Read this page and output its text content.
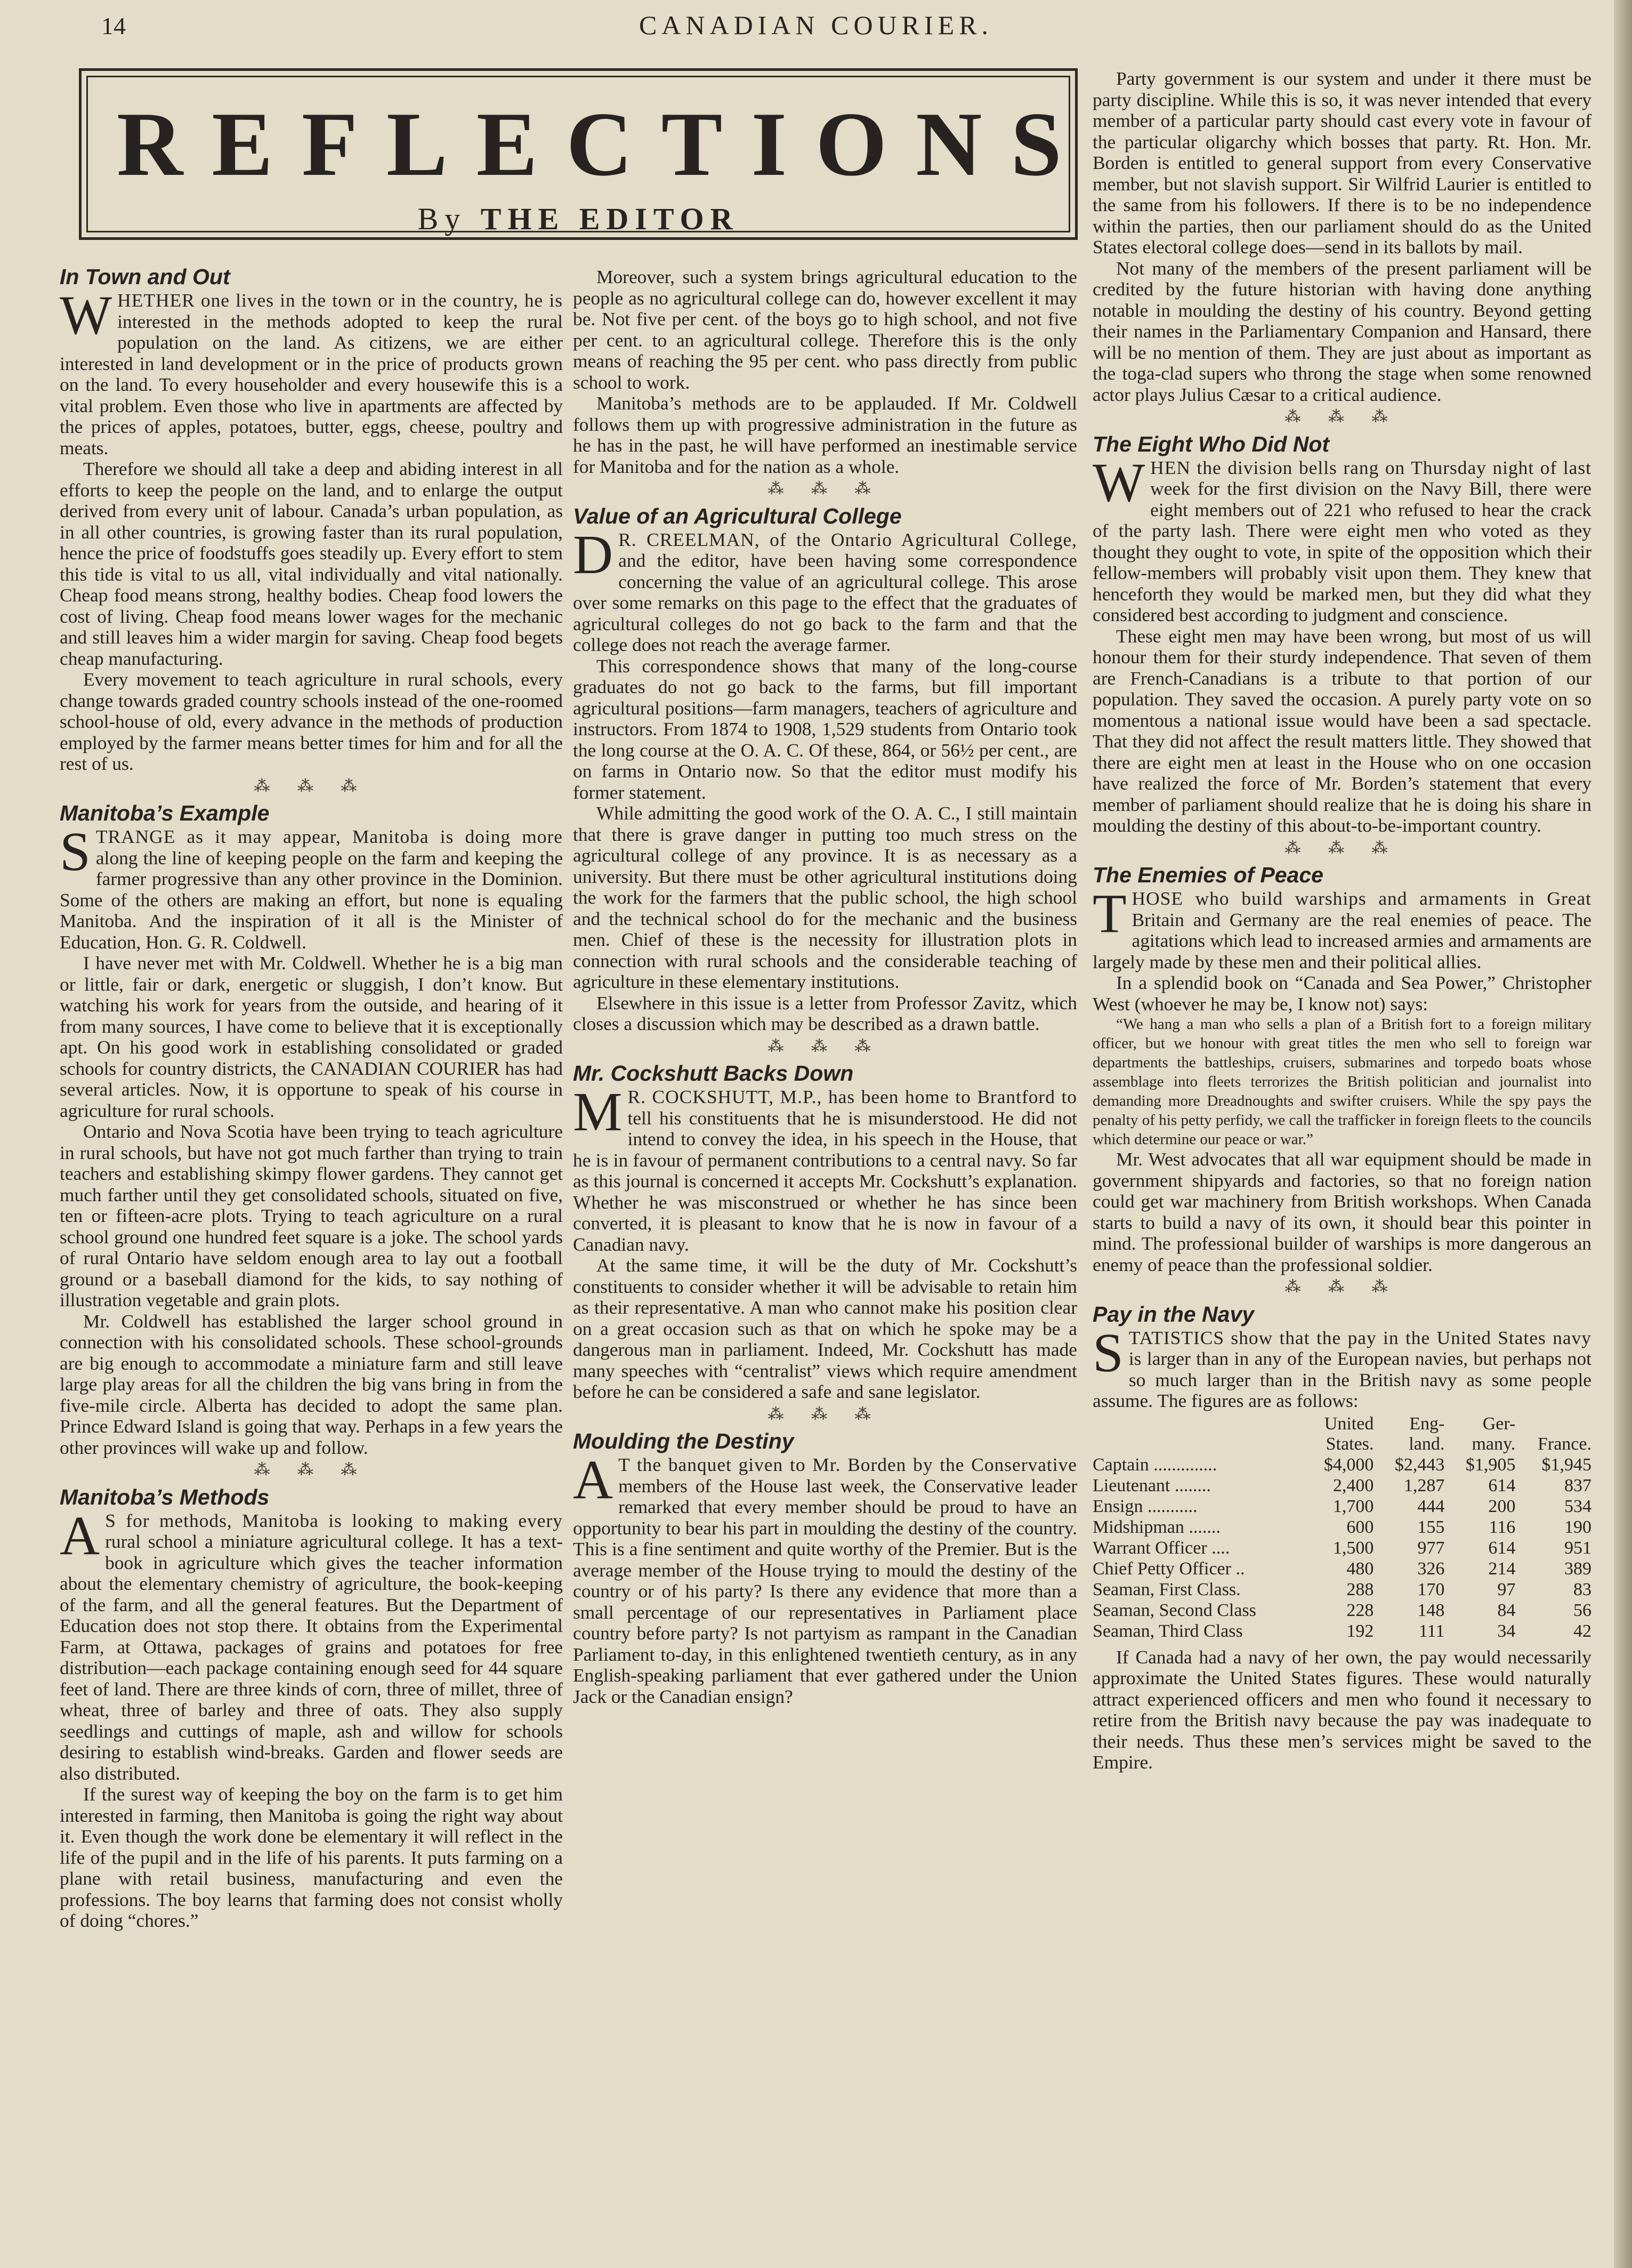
14	CANADIAN COURIER.
REFLECTIONS
By THE EDITOR
In Town and Out

WHETHER one lives in the town or in the country, he is interested in the methods adopted to keep the rural population on the land. As citizens, we are either interested in land development or in the price of products grown on the land. To every householder and every housewife this is a vital problem. Even those who live in apartments are affected by the prices of apples, potatoes, butter, eggs, cheese, poultry and meats.

Therefore we should all take a deep and abiding interest in all efforts to keep the people on the land, and to enlarge the output derived from every unit of labour. Canada’s urban population, as in all other countries, is growing faster than its rural population, hence the price of foodstuffs goes steadily up. Every effort to stem this tide is vital to us all, vital individually and vital nationally. Cheap food means strong, healthy bodies. Cheap food lowers the cost of living. Cheap food means lower wages for the mechanic and still leaves him a wider margin for saving. Cheap food begets cheap manufacturing.

Every movement to teach agriculture in rural schools, every change towards graded country schools instead of the one-roomed school-house of old, every advance in the methods of production employed by the farmer means better times for him and for all the rest of us.

⁂ ⁂ ⁂
Manitoba’s Example

STRANGE as it may appear, Manitoba is doing more along the line of keeping people on the farm and keeping the farmer progressive than any other province in the Dominion. Some of the others are making an effort, but none is equaling Manitoba. And the inspiration of it all is the Minister of Education, Hon. G. R. Coldwell.

I have never met with Mr. Coldwell. Whether he is a big man or little, fair or dark, energetic or sluggish, I don’t know. But watching his work for years from the outside, and hearing of it from many sources, I have come to believe that it is exceptionally apt. On his good work in establishing consolidated or graded schools for country districts, the CANADIAN COURIER has had several articles. Now, it is opportune to speak of his course in agriculture for rural schools.

Ontario and Nova Scotia have been trying to teach agriculture in rural schools, but have not got much farther than trying to train teachers and establishing skimpy flower gardens. They cannot get much farther until they get consolidated schools, situated on five, ten or fifteen-acre plots. Trying to teach agriculture on a rural school ground one hundred feet square is a joke. The school yards of rural Ontario have seldom enough area to lay out a football ground or a baseball diamond for the kids, to say nothing of illustration vegetable and grain plots.

Mr. Coldwell has established the larger school ground in connection with his consolidated schools. These school-grounds are big enough to accommodate a miniature farm and still leave large play areas for all the children the big vans bring in from the five-mile circle. Alberta has decided to adopt the same plan. Prince Edward Island is going that way. Perhaps in a few years the other provinces will wake up and follow.

⁂ ⁂ ⁂
Manitoba’s Methods

A S for methods, Manitoba is looking to making every rural school a miniature agricultural college. It has a text-book in agriculture which gives the teacher information about the elementary chemistry of agriculture, the book-keeping of the farm, and all the general features. But the Department of Education does not stop there. It obtains from the Experimental Farm, at Ottawa, packages of grains and potatoes for free distribution—each package containing enough seed for 44 square feet of land. There are three kinds of corn, three of millet, three of wheat, three of barley and three of oats. They also supply seedlings and cuttings of maple, ash and willow for schools desiring to establish wind-breaks. Garden and flower seeds are also distributed.

If the surest way of keeping the boy on the farm is to get him interested in farming, then Manitoba is going the right way about it. Even though the work done be elementary it will reflect in the life of the pupil and in the life of his parents. It puts farming on a plane with retail business, manufacturing and even the professions. The boy learns that farming does not consist wholly of doing “chores.”

Moreover, such a system brings agricultural education to the people as no agricultural college can do, however excellent it may be. Not five per cent. of the boys go to high school, and not five per cent. to an agricultural college. Therefore this is the only means of reaching the 95 per cent. who pass directly from public school to work.

Manitoba’s methods are to be applauded. If Mr. Coldwell follows them up with progressive administration in the future as he has in the past, he will have performed an inestimable service for Manitoba and for the nation as a whole.

⁂ ⁂ ⁂
Value of an Agricultural College

D R. CREELMAN, of the Ontario Agricultural College, and the editor, have been having some correspondence concerning the value of an agricultural college. This arose over some remarks on this page to the effect that the graduates of agricultural colleges do not go back to the farm and that the college does not reach the average farmer.

This correspondence shows that many of the long-course graduates do not go back to the farms, but fill important agricultural positions—farm managers, teachers of agriculture and instructors. From 1874 to 1908, 1,529 students from Ontario took the long course at the O. A. C. Of these, 864, or 56½ per cent., are on farms in Ontario now. So that the editor must modify his former statement.

While admitting the good work of the O. A. C., I still maintain that there is grave danger in putting too much stress on the agricultural college of any province. It is as necessary as a university. But there must be other agricultural institutions doing the work for the farmers that the public school, the high school and the technical school do for the mechanic and the business men. Chief of these is the necessity for illustration plots in connection with rural schools and the considerable teaching of agriculture in these elementary institutions.

Elsewhere in this issue is a letter from Professor Zavitz, which closes a discussion which may be described as a drawn battle.

⁂ ⁂ ⁂
Mr. Cockshutt Backs Down

M R. COCKSHUTT, M.P., has been home to Brantford to tell his constituents that he is misunderstood. He did not intend to convey the idea, in his speech in the House, that he is in favour of permanent contributions to a central navy. So far as this journal is concerned it accepts Mr. Cockshutt’s explanation. Whether he was misconstrued or whether he has since been converted, it is pleasant to know that he is now in favour of a Canadian navy.

At the same time, it will be the duty of Mr. Cockshutt’s constituents to consider whether it will be advisable to retain him as their representative. A man who cannot make his position clear on a great occasion such as that on which he spoke may be a dangerous man in parliament. Indeed, Mr. Cockshutt has made many speeches with “centralist” views which require amendment before he can be considered a safe and sane legislator.

⁂ ⁂ ⁂
Moulding the Destiny

A T the banquet given to Mr. Borden by the Conservative members of the House last week, the Conservative leader remarked that every member should be proud to have an opportunity to bear his part in moulding the destiny of the country. This is a fine sentiment and quite worthy of the Premier. But is the average member of the House trying to mould the destiny of the country or of his party? Is there any evidence that more than a small percentage of our representatives in Parliament place country before party? Is not partyism as rampant in the Canadian Parliament to-day, in this enlightened twentieth century, as in any English-speaking parliament that ever gathered under the Union Jack or the Canadian ensign?

Party government is our system and under it there must be party discipline. While this is so, it was never intended that every member of a particular party should cast every vote in favour of the particular oligarchy which bosses that party. Rt. Hon. Mr. Borden is entitled to general support from every Conservative member, but not slavish support. Sir Wilfrid Laurier is entitled to the same from his followers. If there is to be no independence within the parties, then our parliament should do as the United States electoral college does—send in its ballots by mail.

Not many of the members of the present parliament will be credited by the future historian with having done anything notable in moulding the destiny of his country. Beyond getting their names in the Parliamentary Companion and Hansard, there will be no mention of them. They are just about as important as the toga-clad supers who throng the stage when some renowned actor plays Julius Cæsar to a critical audience.

⁂ ⁂ ⁂
The Eight Who Did Not

WHEN the division bells rang on Thursday night of last week for the first division on the Navy Bill, there were eight members out of 221 who refused to hear the crack of the party lash. There were eight men who voted as they thought they ought to vote, in spite of the opposition which their fellow-members will probably visit upon them. They knew that henceforth they would be marked men, but they did what they considered best according to judgment and conscience.

These eight men may have been wrong, but most of us will honour them for their sturdy independence. That seven of them are French-Canadians is a tribute to that portion of our population. They saved the occasion. A purely party vote on so momentous a national issue would have been a sad spectacle. That they did not affect the result matters little. They showed that there are eight men at least in the House who on one occasion have realized the force of Mr. Borden’s statement that every member of parliament should realize that he is doing his share in moulding the destiny of this about-to-be-important country.

⁂ ⁂ ⁂
The Enemies of Peace

THOSE who build warships and armaments in Great Britain and Germany are the real enemies of peace. The agitations which lead to increased armies and armaments are largely made by these men and their political allies.

In a splendid book on “Canada and Sea Power,” Christopher West (whoever he may be, I know not) says:

“We hang a man who sells a plan of a British fort to a foreign military officer, but we honour with great titles the men who sell to foreign war departments the battleships, cruisers, submarines and torpedo boats whose assemblage into fleets terrorizes the British politician and journalist into demanding more Dreadnoughts and swifter cruisers. While the spy pays the penalty of his petty perfidy, we call the trafficker in foreign fleets to the councils which determine our peace or war.”

Mr. West advocates that all war equipment should be made in government shipyards and factories, so that no foreign nation could get war machinery from British workshops. When Canada starts to build a navy of its own, it should bear this pointer in mind. The professional builder of warships is more dangerous an enemy of peace than the professional soldier.

⁂ ⁂ ⁂
Pay in the Navy

STATISTICS show that the pay in the United States navy is larger than in any of the European navies, but perhaps not so much larger than in the British navy as some people assume. The figures are as follows:

	United
States.	Eng-
land.	Ger-
many.	France.
Captain ..............	$4,000	$2,443	$1,905	$1,945
Lieutenant ........	2,400	1,287	614	837
Ensign ...........	1,700	444	200	534
Midshipman .......	600	155	116	190
Warrant Officer ....	1,500	977	614	951
Chief Petty Officer ..	480	326	214	389
Seaman, First Class.	288	170	97	83
Seaman, Second Class	228	148	84	56
Seaman, Third Class	192	111	34	42

If Canada had a navy of her own, the pay would necessarily approximate the United States figures. These would naturally attract experienced officers and men who found it necessary to retire from the British navy because the pay was inadequate to their needs. Thus these men’s services might be saved to the Empire.
